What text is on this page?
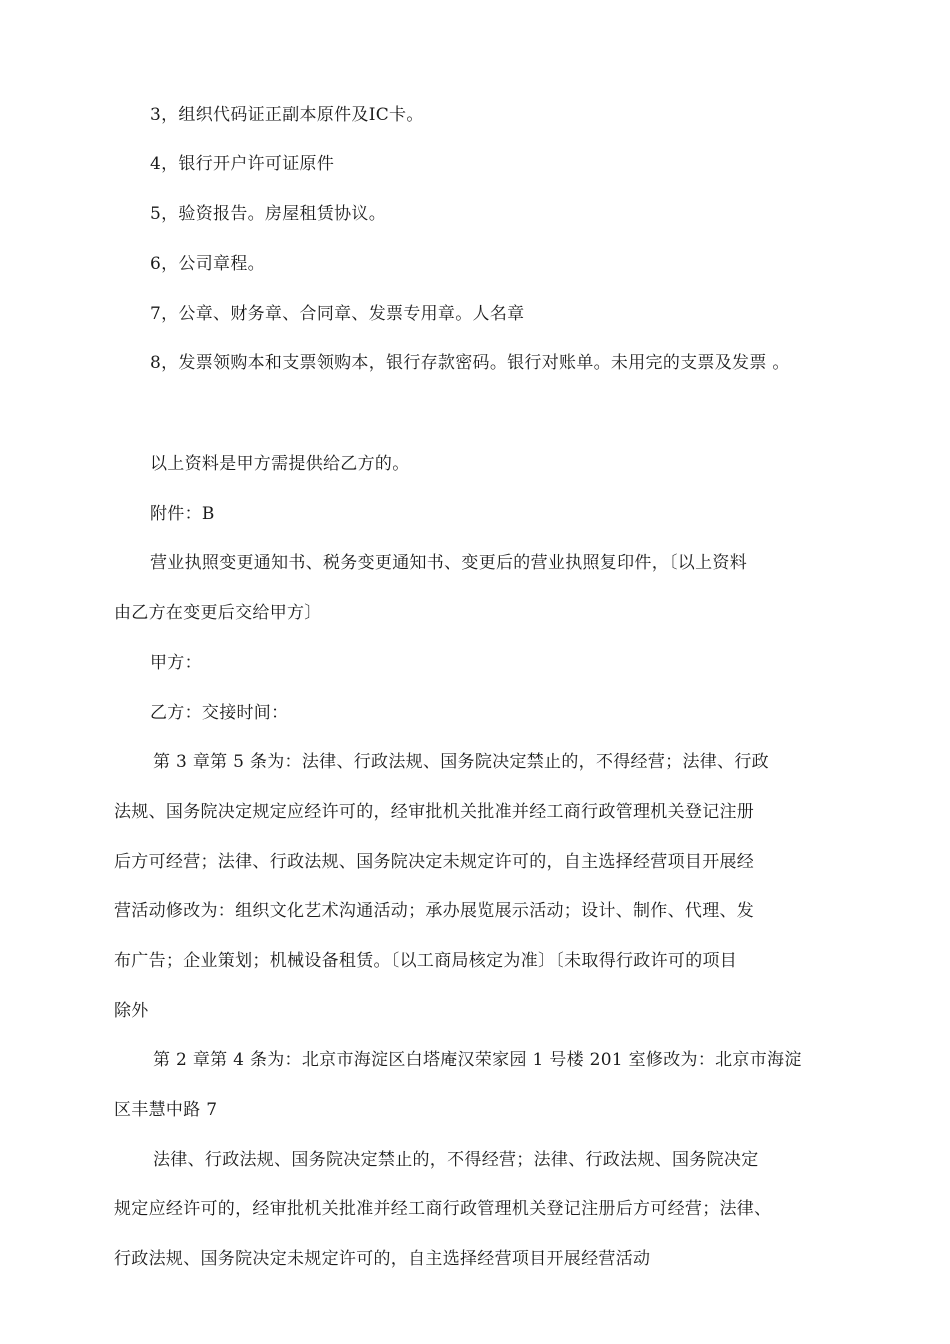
3，组织代码证正副本原件及IC卡。
4，银行开户许可证原件
5，验资报告。房屋租赁协议。
6，公司章程。
7，公章、财务章、合同章、发票专用章。人名章
8，发票领购本和支票领购本，银行存款密码。银行对账单。未用完的支票及发票 。
以上资料是甲方需提供给乙方的。
附件：B
营业执照变更通知书、税务变更通知书、变更后的营业执照复印件，〔以上资料
由乙方在变更后交给甲方〕
甲方：
乙方：交接时间：
第 3 章第 5 条为：法律、行政法规、国务院决定禁止的，不得经营；法律、行政
法规、国务院决定规定应经许可的，经审批机关批准并经工商行政管理机关登记注册
后方可经营；法律、行政法规、国务院决定未规定许可的，自主选择经营项目开展经
营活动修改为：组织文化艺术沟通活动；承办展览展示活动；设计、制作、代理、发
布广告；企业策划；机械设备租赁。〔以工商局核定为准〕〔未取得行政许可的项目
除外
第 2 章第 4 条为：北京市海淀区白塔庵汉荣家园 1 号楼 201 室修改为：北京市海淀
区丰慧中路 7
法律、行政法规、国务院决定禁止的，不得经营；法律、行政法规、国务院决定
规定应经许可的，经审批机关批准并经工商行政管理机关登记注册后方可经营；法律、
行政法规、国务院决定未规定许可的，自主选择经营项目开展经营活动
